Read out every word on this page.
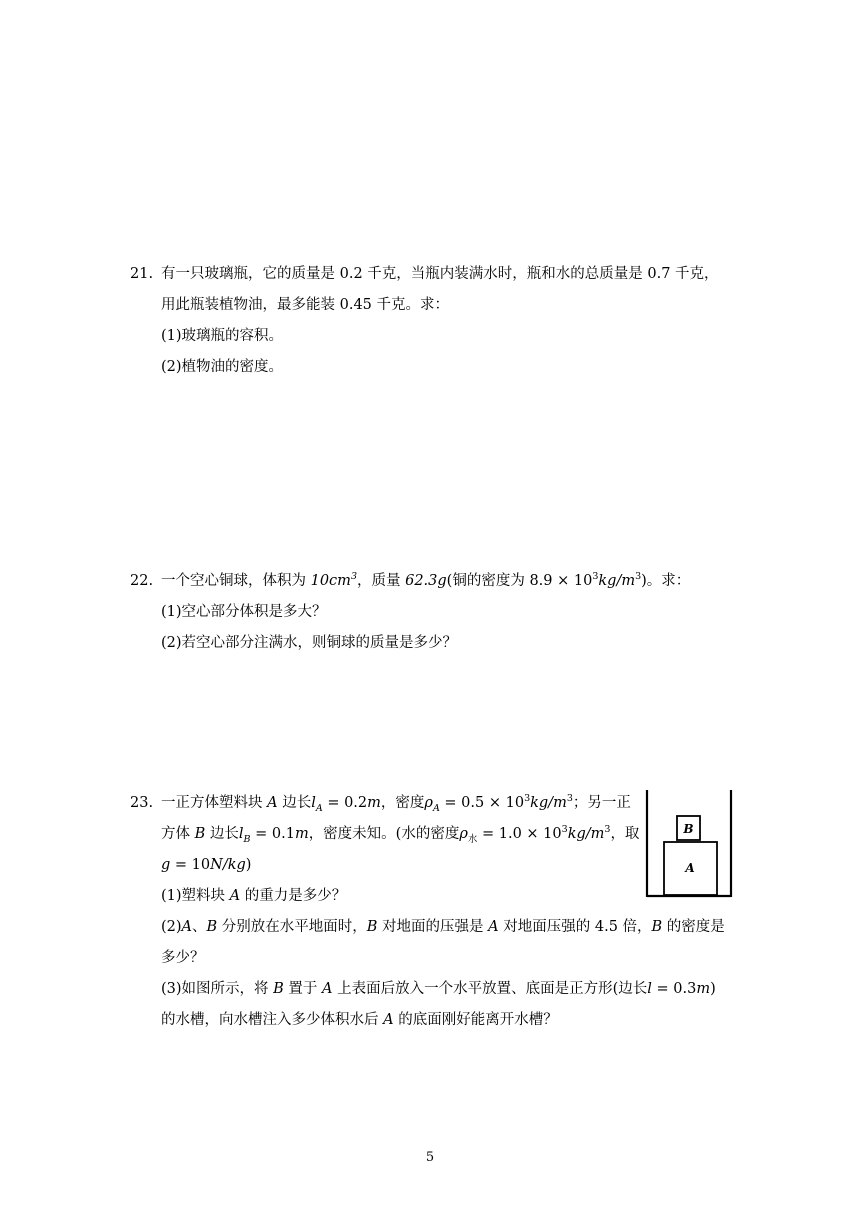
21. 有一只玻璃瓶，它的质量是 0.2 千克，当瓶内装满水时，瓶和水的总质量是 0.7 千克，
用此瓶装植物油，最多能装 0.45 千克。求：
(1)玻璃瓶的容积。
(2)植物油的密度。
22. 一个空心铜球，体积为 $10cm^3$，质量 62.3g(铜的密度为 $8.9 \times 10^3kg/m^3$)。求：
(1)空心部分体积是多大？
(2)若空心部分注满水，则铜球的质量是多少？
23. 一正方体塑料块 A 边长$l_A = 0.2m$，密度$\rho_A = 0.5 \times 10^3kg/m^3$；另一正
方体 B 边长$l_B = 0.1m$，密度未知。(水的密度$\rho_水 = 1.0 \times 10^3kg/m^3$，取
g = 10N/kg)
(1)塑料块 A 的重力是多少？
(2)A、B 分别放在水平地面时，B 对地面的压强是 A 对地面压强的 4.5 倍，B 的密度是
多少？
(3)如图所示，将 B 置于 A 上表面后放入一个水平放置、底面是正方形(边长l = 0.3m)
的水槽，向水槽注入多少体积水后 A 的底面刚好能离开水槽？
B
A
5
